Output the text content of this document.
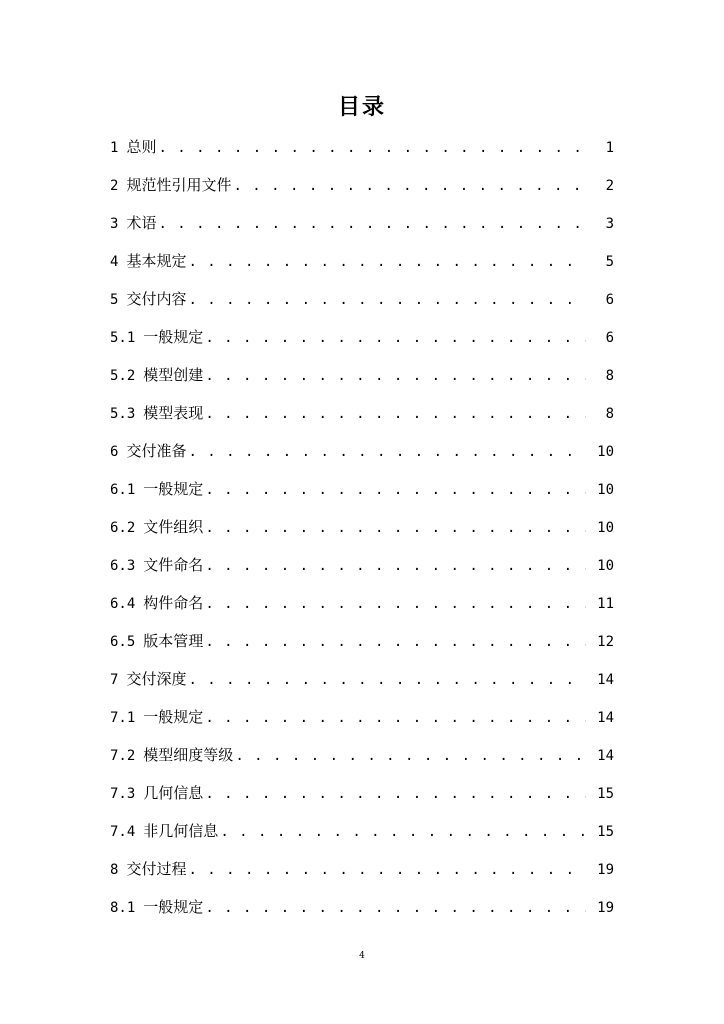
目录
1 总则 . . .	1
2 规范性引用文件 . . .	2
3 术语 . . .	3
4 基本规定 . . .	5
5 交付内容 . . .	6
5.1 一般规定 . . .	6
5.2 模型创建 . . .	8
5.3 模型表现 . . .	8
6 交付准备 . . .	10
6.1 一般规定 . . .	10
6.2 文件组织 . . .	10
6.3 文件命名 . . .	10
6.4 构件命名 . . .	11
6.5 版本管理 . . .	12
7 交付深度 . . .	14
7.1 一般规定 . . .	14
7.2 模型细度等级 . . .	14
7.3 几何信息 . . .	15
7.4 非几何信息 . . .	15
8 交付过程 . . .	19
8.1 一般规定 . . .	19
4
